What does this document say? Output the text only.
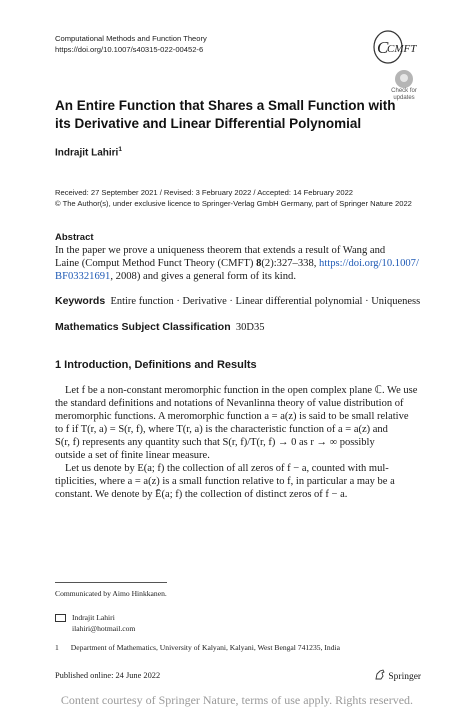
Computational Methods and Function Theory
https://doi.org/10.1007/s40315-022-00452-6	C
CMFT
Check for updates
An Entire Function that Shares a Small Function with its Derivative and Linear Differential Polynomial
Indrajit Lahiri$^1$
Received: 27 September 2021 / Revised: 3 February 2022 / Accepted: 14 February 2022
© The Author(s), under exclusive licence to Springer-Verlag GmbH Germany, part of Springer Nature 2022
Abstract
In the paper we prove a uniqueness theorem that extends a result of Wang and
Laine (Comput Method Funct Theory (CMFT) 8(2):327–338, https://doi.org/10.1007/
BF03321691, 2008) and gives a general form of its kind.
Keywords Entire function · Derivative · Linear differential polynomial · Uniqueness
Mathematics Subject Classification 30D35
1 Introduction, Definitions and Results
Let f be a non-constant meromorphic function in the open complex plane ℂ. We use
the standard definitions and notations of Nevanlinna theory of value distribution of
meromorphic functions. A meromorphic function a = a(z) is said to be small relative
to f if T(r, a) = S(r, f), where T(r, a) is the characteristic function of a = a(z) and
S(r, f) represents any quantity such that S(r, f)/T(r, f) → 0 as r → ∞ possibly
outside a set of finite linear measure.
Let us denote by E(a; f) the collection of all zeros of f − a, counted with mul-
tiplicities, where a = a(z) is a small function relative to f, in particular a may be a
constant. We denote by Ē(a; f) the collection of distinct zeros of f − a.
Communicated by Aimo Hinkkanen.
Indrajit Lahiri
ilahiri@hotmail.com
1 Department of Mathematics, University of Kalyani, Kalyani, West Bengal 741235, India
Published online: 24 June 2022	Springer
Content courtesy of Springer Nature, terms of use apply. Rights reserved.
